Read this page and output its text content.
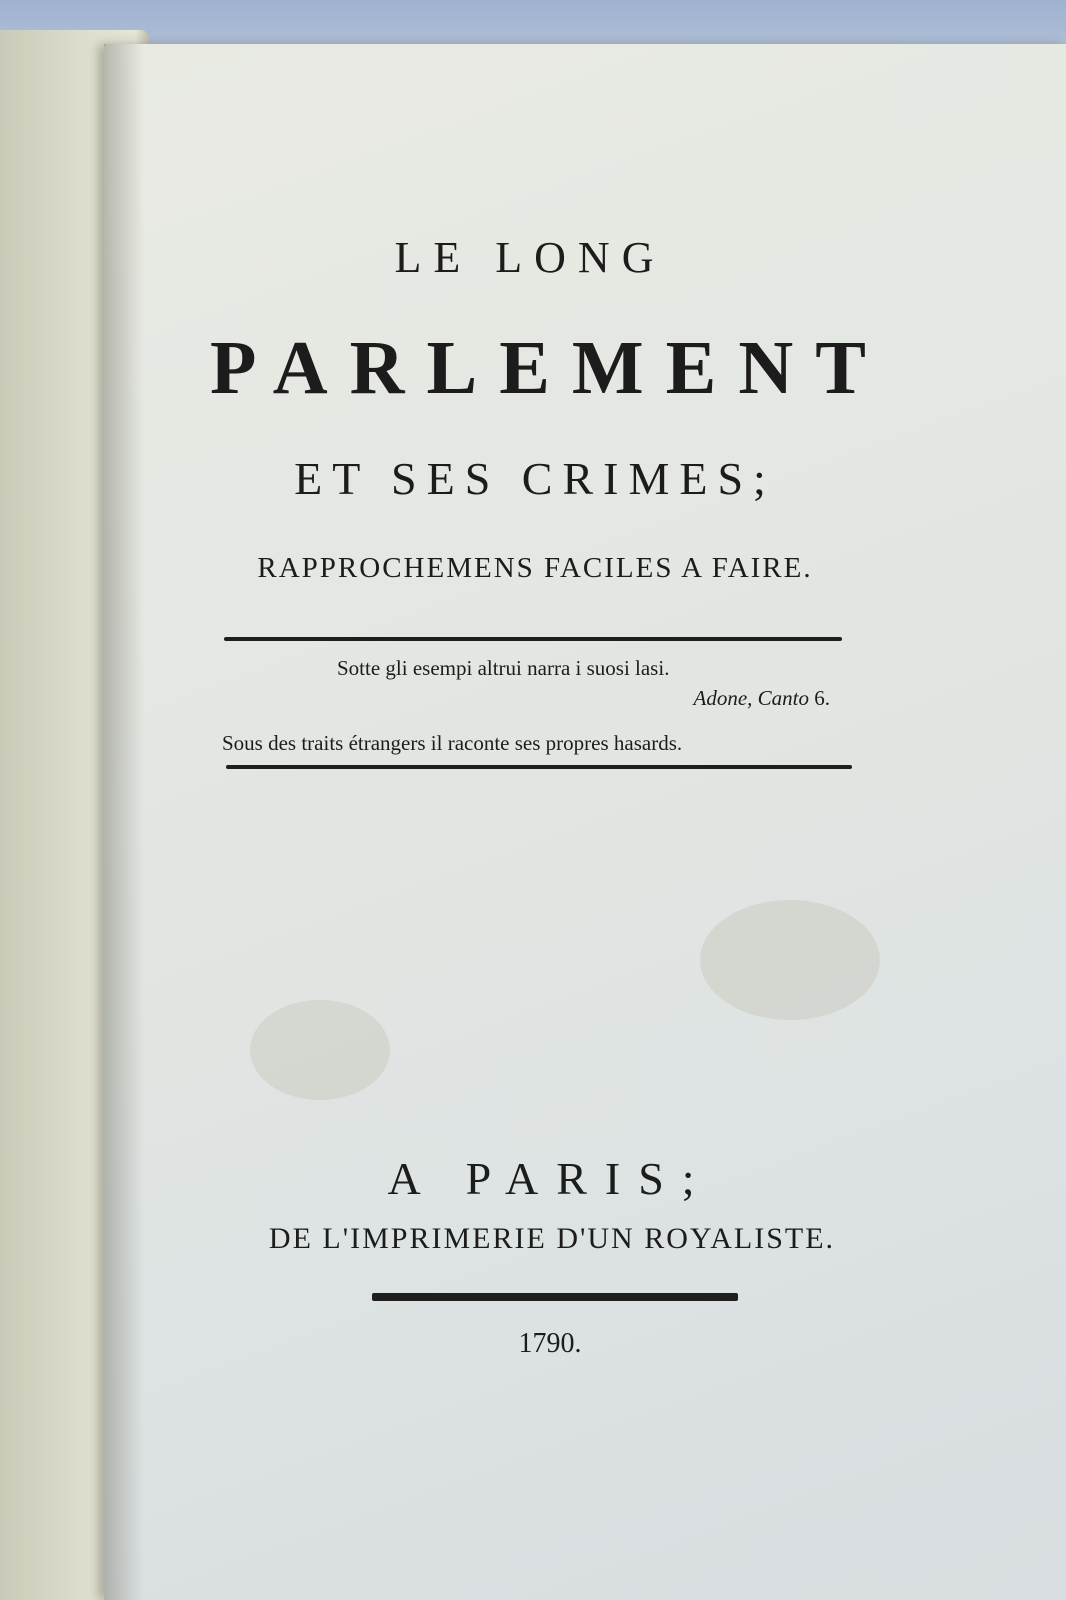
LE LONG
PARLEMENT
ET SES CRIMES;
RAPPROCHEMENS FACILES A FAIRE.
Sotte gli esempi altrui narra i suosi lasi.
Adone, Canto 6.
Sous des traits étrangers il raconte ses propres hasards.
A PARIS;
DE L'IMPRIMERIE D'UN ROYALISTE.
1790.
